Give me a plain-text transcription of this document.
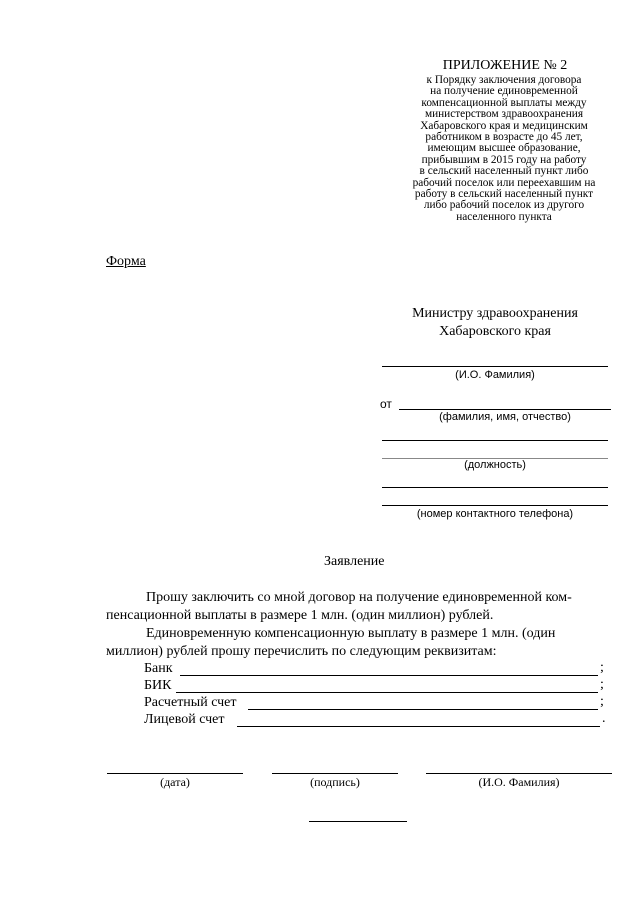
ПРИЛОЖЕНИЕ № 2
к Порядку заключения договора
на получение единовременной
компенсационной выплаты между
министерством здравоохранения
Хабаровского края и медицинским
работником в возрасте до 45 лет,
имеющим высшее образование,
прибывшим в 2015 году на работу
в сельский населенный пункт либо
рабочий поселок или переехавшим на
работу в сельский населенный пункт
либо рабочий поселок из другого
населенного пункта
Форма
Министру здравоохранения
Хабаровского края
(И.О. Фамилия)
от
(фамилия, имя, отчество)
(должность)
(номер контактного телефона)
Заявление
Прошу заключить со мной договор на получение единовременной ком-
пенсационной выплаты в размере 1 млн. (один миллион) рублей.
Единовременную компенсационную выплату в размере 1 млн. (один
миллион) рублей прошу перечислить по следующим реквизитам:
Банк	;
БИК	;
Расчетный счет	;
Лицевой счет	.
(дата)	(подпись)	(И.О. Фамилия)
